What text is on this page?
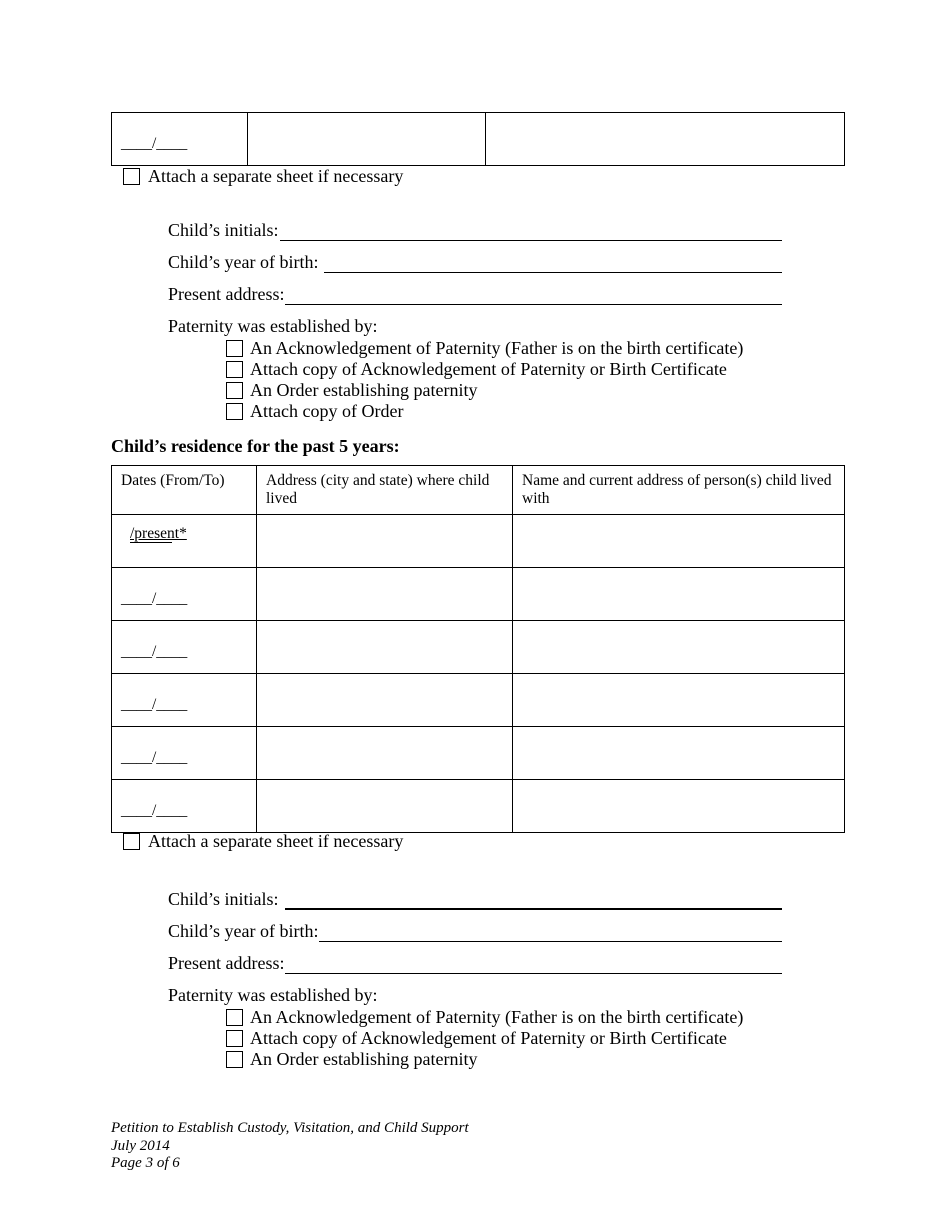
____/____

Attach a separate sheet if necessary
Child’s initials:
Child’s year of birth:
Present address:
Paternity was established by:
An Acknowledgement of Paternity (Father is on the birth certificate)
Attach copy of Acknowledgement of Paternity or Birth Certificate
An Order establishing paternity
Attach copy of Order
Child’s residence for the past 5 years:
Dates (From/To)	Address (city and state) where child lived	Name and current address of person(s) child lived with

/present*		

____/____		

____/____		

____/____		

____/____		

____/____		

Attach a separate sheet if necessary
Child’s initials:
Child’s year of birth:
Present address:
Paternity was established by:
An Acknowledgement of Paternity (Father is on the birth certificate)
Attach copy of Acknowledgement of Paternity or Birth Certificate
An Order establishing paternity
Petition to Establish Custody, Visitation, and Child Support
July 2014
Page 3 of 6
